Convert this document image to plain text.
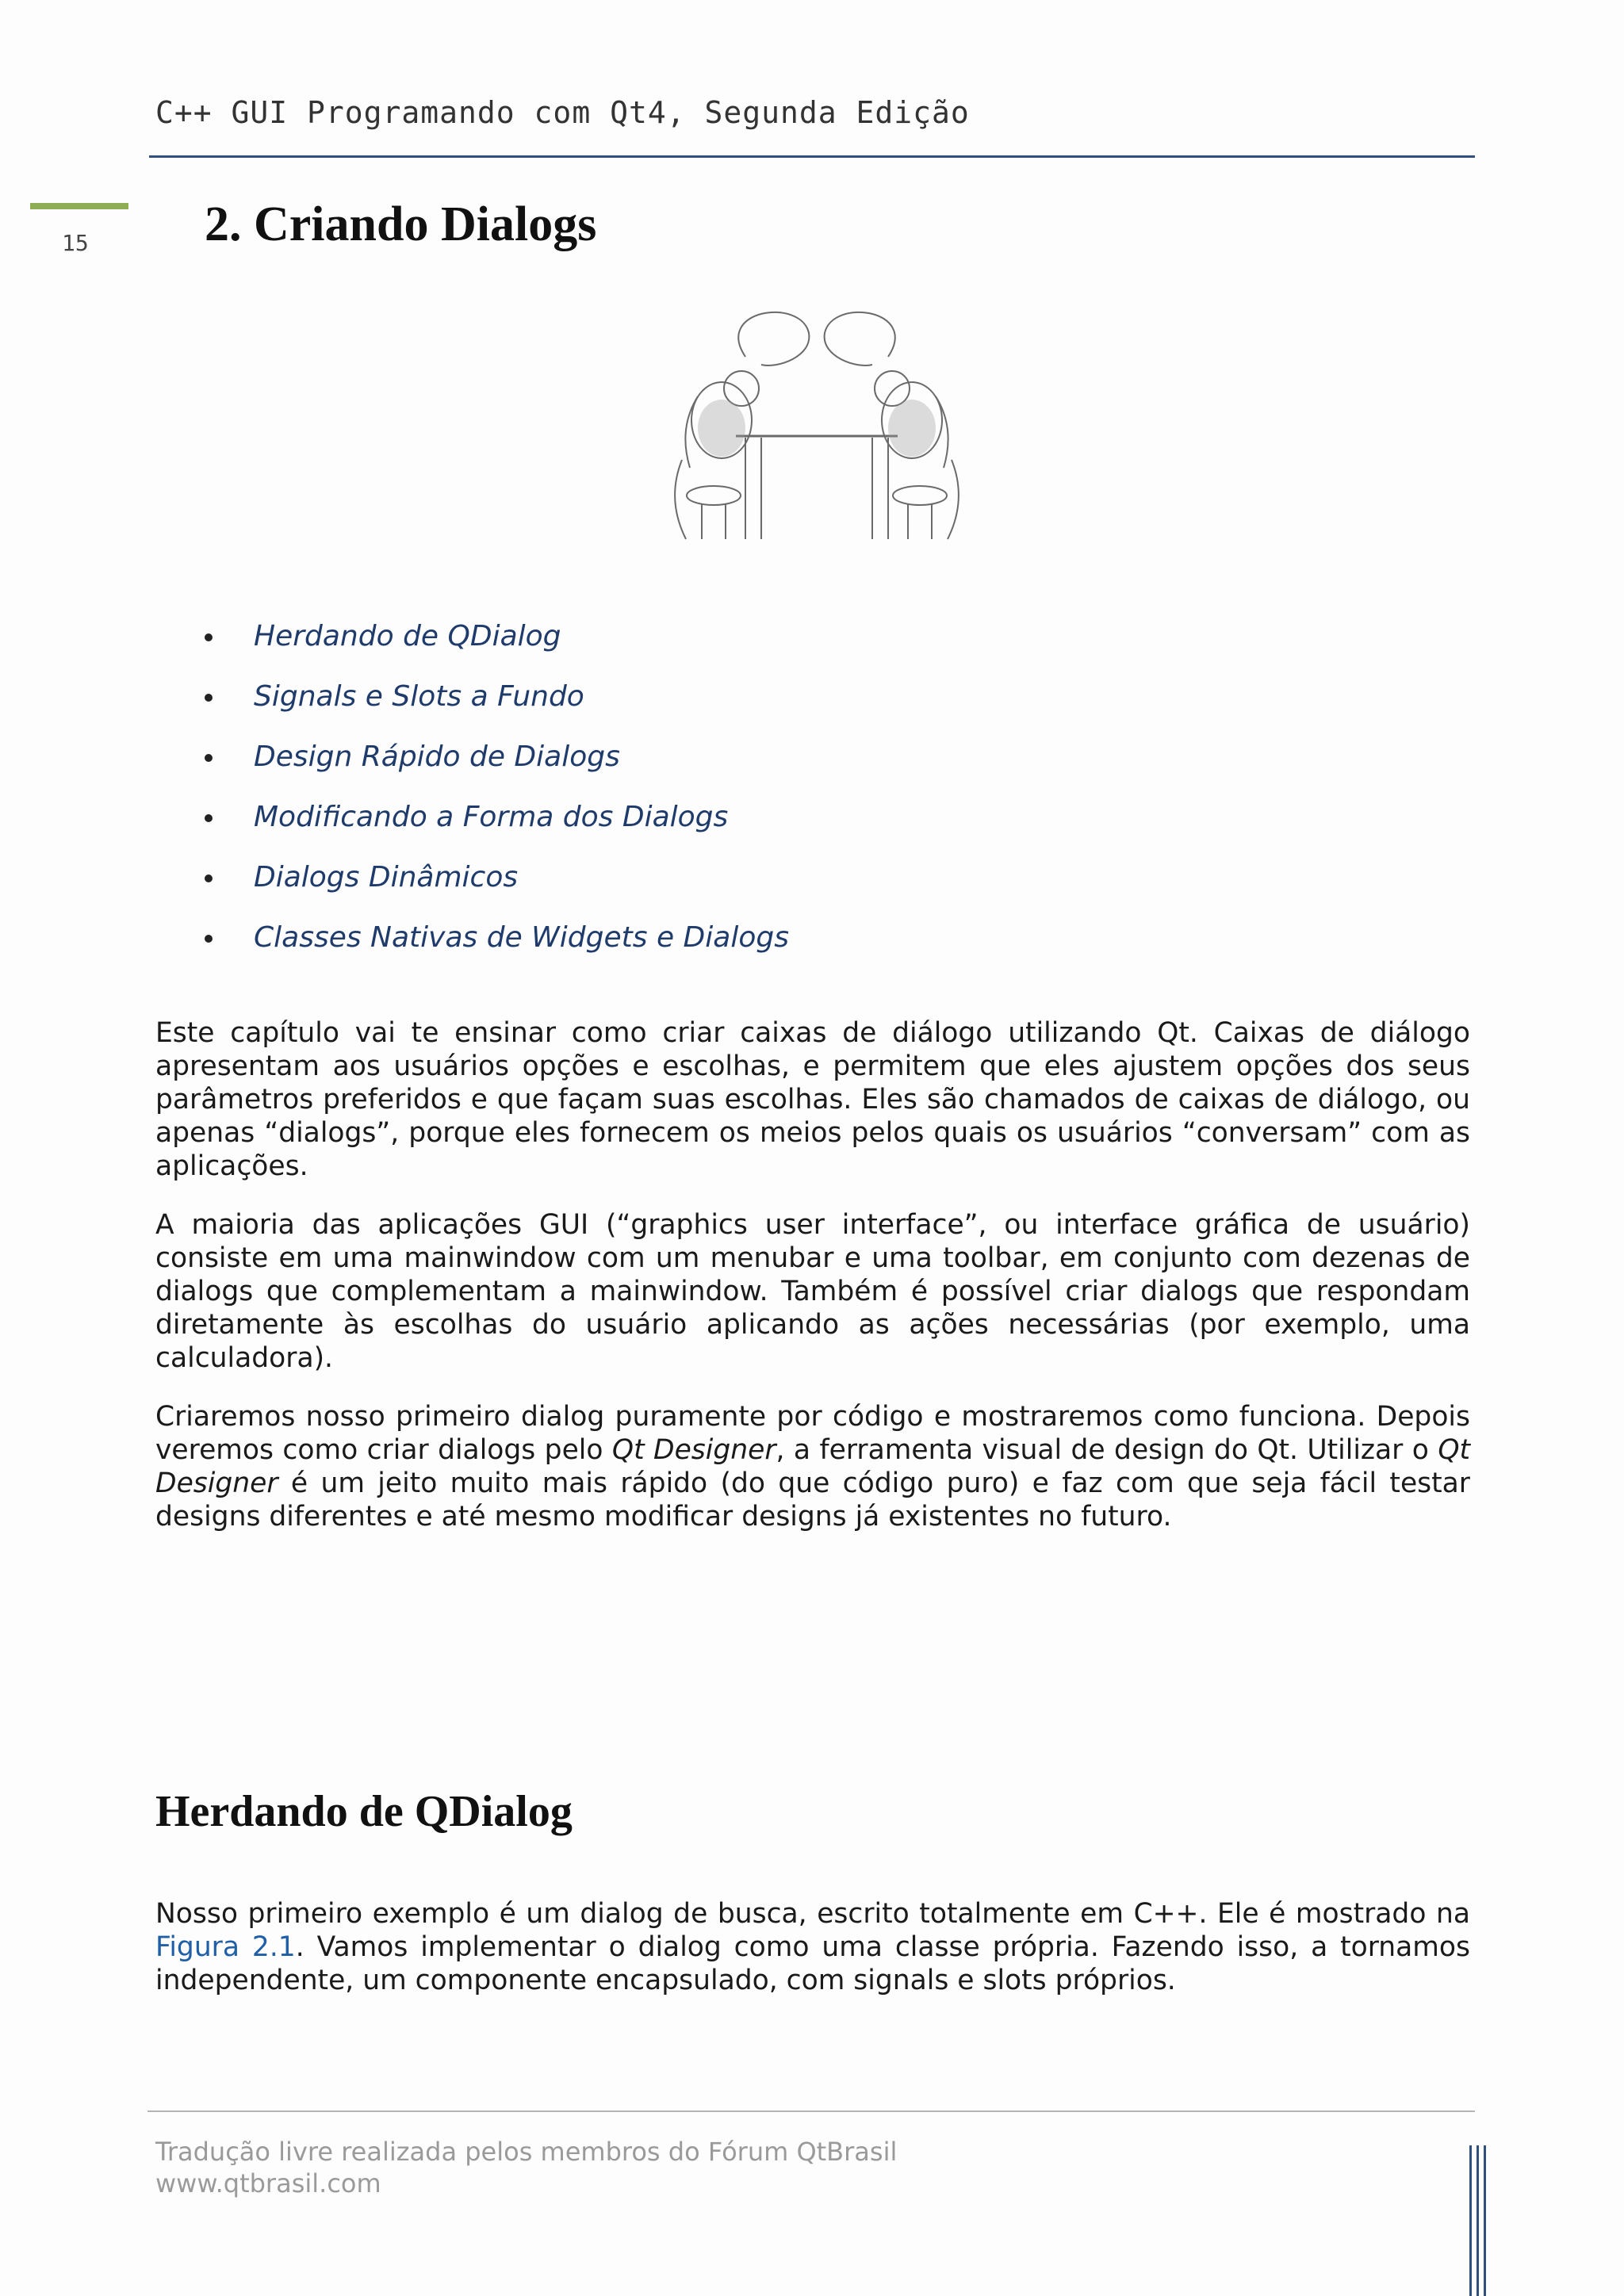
C++ GUI Programando com Qt4, Segunda Edição
15 2. Criando Dialogs
Herdando de QDialog
Signals e Slots a Fundo
Design Rápido de Dialogs
Modificando a Forma dos Dialogs
Dialogs Dinâmicos
Classes Nativas de Widgets e Dialogs

Este capítulo vai te ensinar como criar caixas de diálogo utilizando Qt. Caixas de diálogo apresentam aos usuários opções e escolhas, e permitem que eles ajustem opções dos seus parâmetros preferidos e que façam suas escolhas. Eles são chamados de caixas de diálogo, ou apenas “dialogs”, porque eles fornecem os meios pelos quais os usuários “conversam” com as aplicações.

A maioria das aplicações GUI (“graphics user interface”, ou interface gráfica de usuário) consiste em uma mainwindow com um menubar e uma toolbar, em conjunto com dezenas de dialogs que complementam a mainwindow. Também é possível criar dialogs que respondam diretamente às escolhas do usuário aplicando as ações necessárias (por exemplo, uma calculadora).

Criaremos nosso primeiro dialog puramente por código e mostraremos como funciona. Depois veremos como criar dialogs pelo Qt Designer, a ferramenta visual de design do Qt. Utilizar o Qt Designer é um jeito muito mais rápido (do que código puro) e faz com que seja fácil testar designs diferentes e até mesmo modificar designs já existentes no futuro.

Herdando de QDialog

Nosso primeiro exemplo é um dialog de busca, escrito totalmente em C++. Ele é mostrado na Figura 2.1. Vamos implementar o dialog como uma classe própria. Fazendo isso, a tornamos independente, um componente encapsulado, com signals e slots próprios.

Tradução livre realizada pelos membros do Fórum QtBrasil
www.qtbrasil.com
